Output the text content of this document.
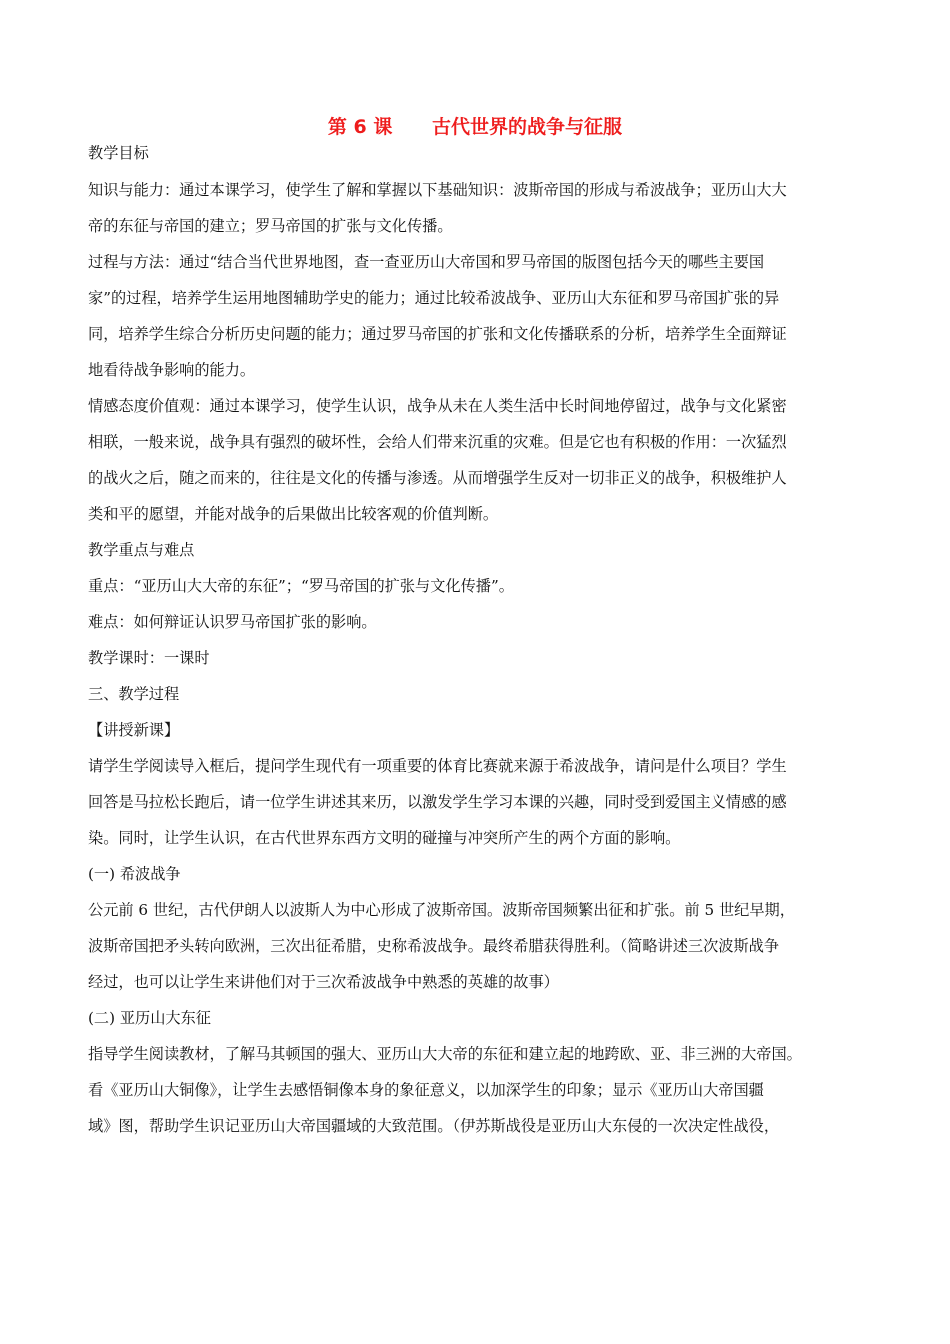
第 6 课      古代世界的战争与征服
教学目标
知识与能力：通过本课学习，使学生了解和掌握以下基础知识：波斯帝国的形成与希波战争；亚历山大大
帝的东征与帝国的建立；罗马帝国的扩张与文化传播。
过程与方法：通过“结合当代世界地图，查一查亚历山大帝国和罗马帝国的版图包括今天的哪些主要国
家”的过程，培养学生运用地图辅助学史的能力；通过比较希波战争、亚历山大东征和罗马帝国扩张的异
同，培养学生综合分析历史问题的能力；通过罗马帝国的扩张和文化传播联系的分析，培养学生全面辩证
地看待战争影响的能力。
情感态度价值观：通过本课学习，使学生认识，战争从未在人类生活中长时间地停留过，战争与文化紧密
相联，一般来说，战争具有强烈的破坏性，会给人们带来沉重的灾难。但是它也有积极的作用：一次猛烈
的战火之后，随之而来的，往往是文化的传播与渗透。从而增强学生反对一切非正义的战争，积极维护人
类和平的愿望，并能对战争的后果做出比较客观的价值判断。
教学重点与难点
重点：“亚历山大大帝的东征”；“罗马帝国的扩张与文化传播”。
难点：如何辩证认识罗马帝国扩张的影响。
教学课时：一课时
三、教学过程
【讲授新课】
请学生学阅读导入框后，提问学生现代有一项重要的体育比赛就来源于希波战争，请问是什么项目？学生
回答是马拉松长跑后，请一位学生讲述其来历，以激发学生学习本课的兴趣，同时受到爱国主义情感的感
染。同时，让学生认识，在古代世界东西方文明的碰撞与冲突所产生的两个方面的影响。
(一) 希波战争
公元前 6 世纪，古代伊朗人以波斯人为中心形成了波斯帝国。波斯帝国频繁出征和扩张。前 5 世纪早期，
波斯帝国把矛头转向欧洲，三次出征希腊，史称希波战争。最终希腊获得胜利。（简略讲述三次波斯战争
经过，也可以让学生来讲他们对于三次希波战争中熟悉的英雄的故事）
(二) 亚历山大东征
指导学生阅读教材，了解马其顿国的强大、亚历山大大帝的东征和建立起的地跨欧、亚、非三洲的大帝国。
看《亚历山大铜像》，让学生去感悟铜像本身的象征意义，以加深学生的印象；显示《亚历山大帝国疆
域》图，帮助学生识记亚历山大帝国疆域的大致范围。（伊苏斯战役是亚历山大东侵的一次决定性战役，
